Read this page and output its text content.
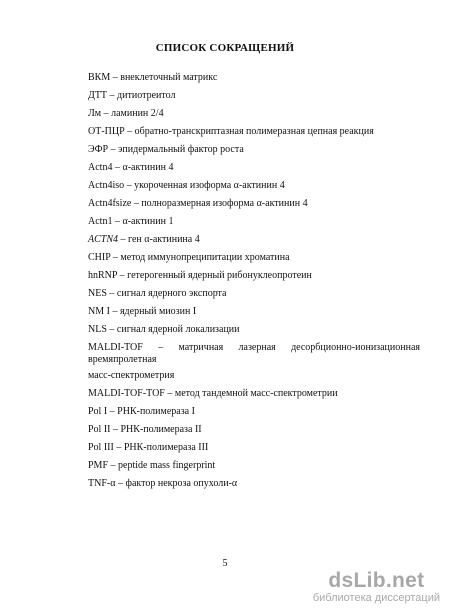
СПИСОК СОКРАЩЕНИЙ
ВКМ – внеклеточный матрикс
ДТТ – дитиотреитол
Лм – ламинин 2/4
ОТ-ПЦР – обратно-транскриптазная полимеразная цепная реакция
ЭФР – эпидермальный фактор роста
Actn4 – α-актинин 4
Actn4iso – укороченная изоформа α-актинин 4
Actn4fsize – полноразмерная изоформа α-актинин 4
Actn1 – α-актинин 1
ACTN4 – ген α-актинина 4
CHIP – метод иммунопреципитации хроматина
hnRNP – гетерогенный ядерный рибонуклеопротеин
NES – сигнал ядерного экспорта
NM I – ядерный миозин I
NLS – сигнал ядерной локализации
MALDI-TOF – матричная лазерная десорбционно-ионизационная времяпролетная
масс-спектрометрия
MALDI-TOF-TOF – метод тандемной масс-спектрометрии
Pol I – РНК-полимераза I
Pol II – РНК-полимераза II
Pol III – РНК-полимераза III
PMF – peptide mass fingerprint
TNF-α – фактор некроза опухоли-α
5
dsLib.net
библиотека диссертаций
